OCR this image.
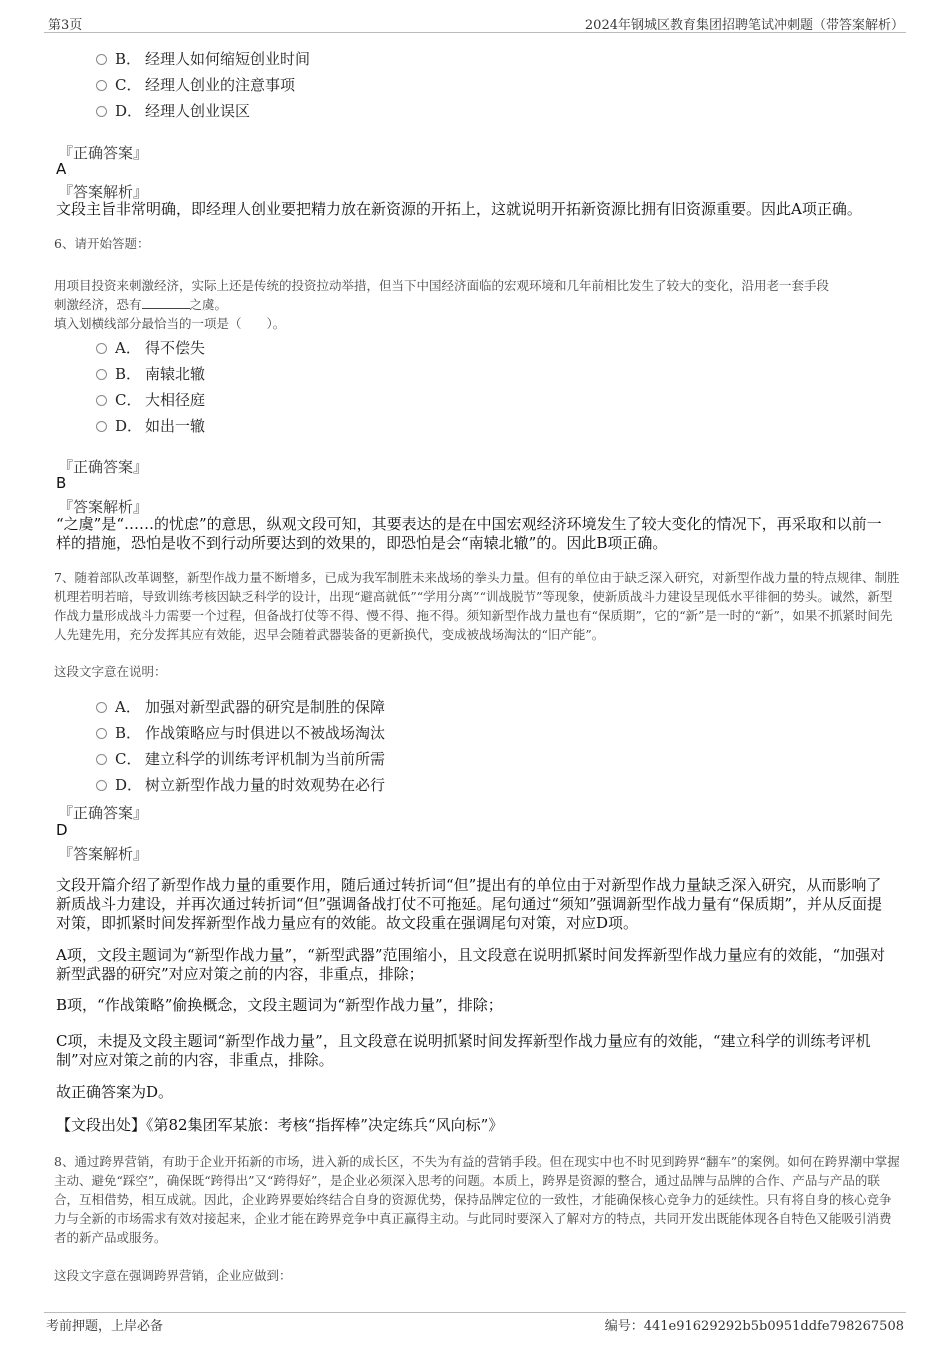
第3页	2024年钢城区教育集团招聘笔试冲刺题（带答案解析）
B． 经理人如何缩短创业时间
C． 经理人创业的注意事项
D． 经理人创业误区
『正确答案』
A
『答案解析』
文段主旨非常明确，即经理人创业要把精力放在新资源的开拓上，这就说明开拓新资源比拥有旧资源重要。因此A项正确。
6、请开始答题：
用项目投资来刺激经济，实际上还是传统的投资拉动举措，但当下中国经济面临的宏观环境和几年前相比发生了较大的变化，沿用老一套手段
刺激经济，恐有	之虞。
填入划横线部分最恰当的一项是（　　）。
A． 得不偿失
B． 南辕北辙
C． 大相径庭
D． 如出一辙
『正确答案』
B
『答案解析』
“之虞”是“……的忧虑”的意思，纵观文段可知，其要表达的是在中国宏观经济环境发生了较大变化的情况下，再采取和以前一样的措施，恐怕是收不到行动所要达到的效果的，即恐怕是会“南辕北辙”的。因此B项正确。
7、随着部队改革调整，新型作战力量不断增多，已成为我军制胜未来战场的拳头力量。但有的单位由于缺乏深入研究，对新型作战力量的特点规律、制胜机理若明若暗，导致训练考核因缺乏科学的设计，出现“避高就低”“学用分离”“训战脱节”等现象，使新质战斗力建设呈现低水平徘徊的势头。诚然，新型作战力量形成战斗力需要一个过程，但备战打仗等不得、慢不得、拖不得。须知新型作战力量也有“保质期”，它的“新”是一时的“新”，如果不抓紧时间先人先建先用，充分发挥其应有效能，迟早会随着武器装备的更新换代，变成被战场淘汰的“旧产能”。
这段文字意在说明：
A． 加强对新型武器的研究是制胜的保障
B． 作战策略应与时俱进以不被战场淘汰
C． 建立科学的训练考评机制为当前所需
D． 树立新型作战力量的时效观势在必行
『正确答案』
D
『答案解析』
文段开篇介绍了新型作战力量的重要作用，随后通过转折词“但”提出有的单位由于对新型作战力量缺乏深入研究，从而影响了新质战斗力建设，并再次通过转折词“但”强调备战打仗不可拖延。尾句通过“须知”强调新型作战力量有“保质期”，并从反面提对策，即抓紧时间发挥新型作战力量应有的效能。故文段重在强调尾句对策，对应D项。
A项，文段主题词为“新型作战力量”，“新型武器”范围缩小，且文段意在说明抓紧时间发挥新型作战力量应有的效能，“加强对新型武器的研究”对应对策之前的内容，非重点，排除；
B项，“作战策略”偷换概念，文段主题词为“新型作战力量”，排除；
C项，未提及文段主题词“新型作战力量”，且文段意在说明抓紧时间发挥新型作战力量应有的效能，“建立科学的训练考评机制”对应对策之前的内容，非重点，排除。
故正确答案为D。
【文段出处】《第82集团军某旅：考核“指挥棒”决定练兵“风向标”》
8、通过跨界营销，有助于企业开拓新的市场，进入新的成长区，不失为有益的营销手段。但在现实中也不时见到跨界“翻车”的案例。如何在跨界潮中掌握主动、避免“踩空”，确保既“跨得出”又“跨得好”，是企业必须深入思考的问题。本质上，跨界是资源的整合，通过品牌与品牌的合作、产品与产品的联合，互相借势，相互成就。因此，企业跨界要始终结合自身的资源优势，保持品牌定位的一致性，才能确保核心竞争力的延续性。只有将自身的核心竞争力与全新的市场需求有效对接起来，企业才能在跨界竞争中真正赢得主动。与此同时要深入了解对方的特点，共同开发出既能体现各自特色又能吸引消费者的新产品或服务。
这段文字意在强调跨界营销，企业应做到：
考前押题，上岸必备	编号：441e91629292b5b0951ddfe798267508
